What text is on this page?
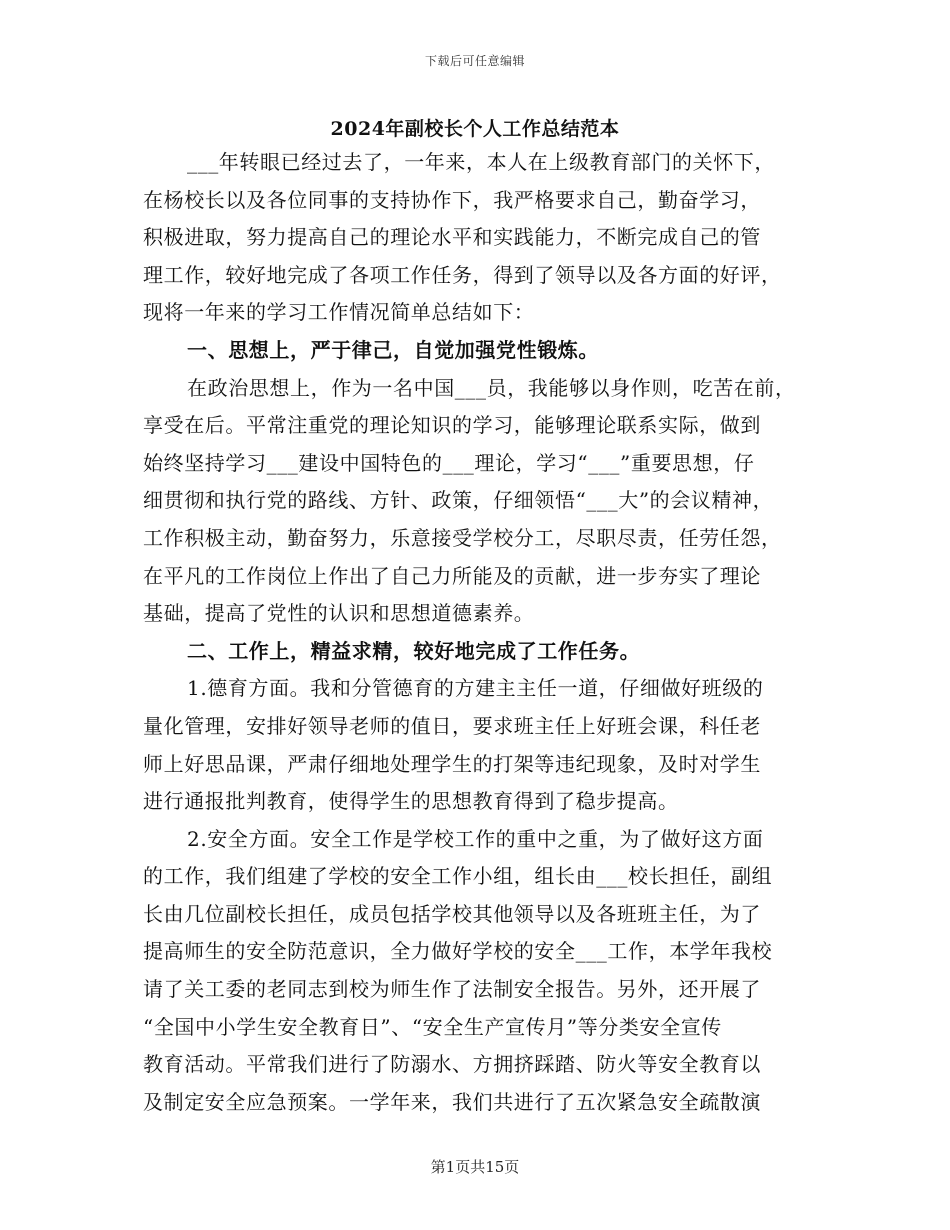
下载后可任意编辑
2024年副校长个人工作总结范本
___年转眼已经过去了，一年来，本人在上级教育部门的关怀下，
在杨校长以及各位同事的支持协作下，我严格要求自己，勤奋学习，
积极进取，努力提高自己的理论水平和实践能力，不断完成自己的管
理工作，较好地完成了各项工作任务，得到了领导以及各方面的好评，
现将一年来的学习工作情况简单总结如下：
一、思想上，严于律己，自觉加强党性锻炼。
在政治思想上，作为一名中国___员，我能够以身作则，吃苦在前，
享受在后。平常注重党的理论知识的学习，能够理论联系实际，做到
始终坚持学习___建设中国特色的___理论，学习“___”重要思想，仔
细贯彻和执行党的路线、方针、政策，仔细领悟“___大”的会议精神，
工作积极主动，勤奋努力，乐意接受学校分工，尽职尽责，任劳任怨，
在平凡的工作岗位上作出了自己力所能及的贡献，进一步夯实了理论
基础，提高了党性的认识和思想道德素养。
二、工作上，精益求精，较好地完成了工作任务。
1.德育方面。我和分管德育的方建主主任一道，仔细做好班级的
量化管理，安排好领导老师的值日，要求班主任上好班会课，科任老
师上好思品课，严肃仔细地处理学生的打架等违纪现象，及时对学生
进行通报批判教育，使得学生的思想教育得到了稳步提高。
2.安全方面。安全工作是学校工作的重中之重，为了做好这方面
的工作，我们组建了学校的安全工作小组，组长由___校长担任，副组
长由几位副校长担任，成员包括学校其他领导以及各班班主任，为了
提高师生的安全防范意识，全力做好学校的安全___工作，本学年我校
请了关工委的老同志到校为师生作了法制安全报告。另外，还开展了
“全国中小学生安全教育日”、“安全生产宣传月”等分类安全宣传
教育活动。平常我们进行了防溺水、方拥挤踩踏、防火等安全教育以
及制定安全应急预案。一学年来，我们共进行了五次紧急安全疏散演
第1页共15页
